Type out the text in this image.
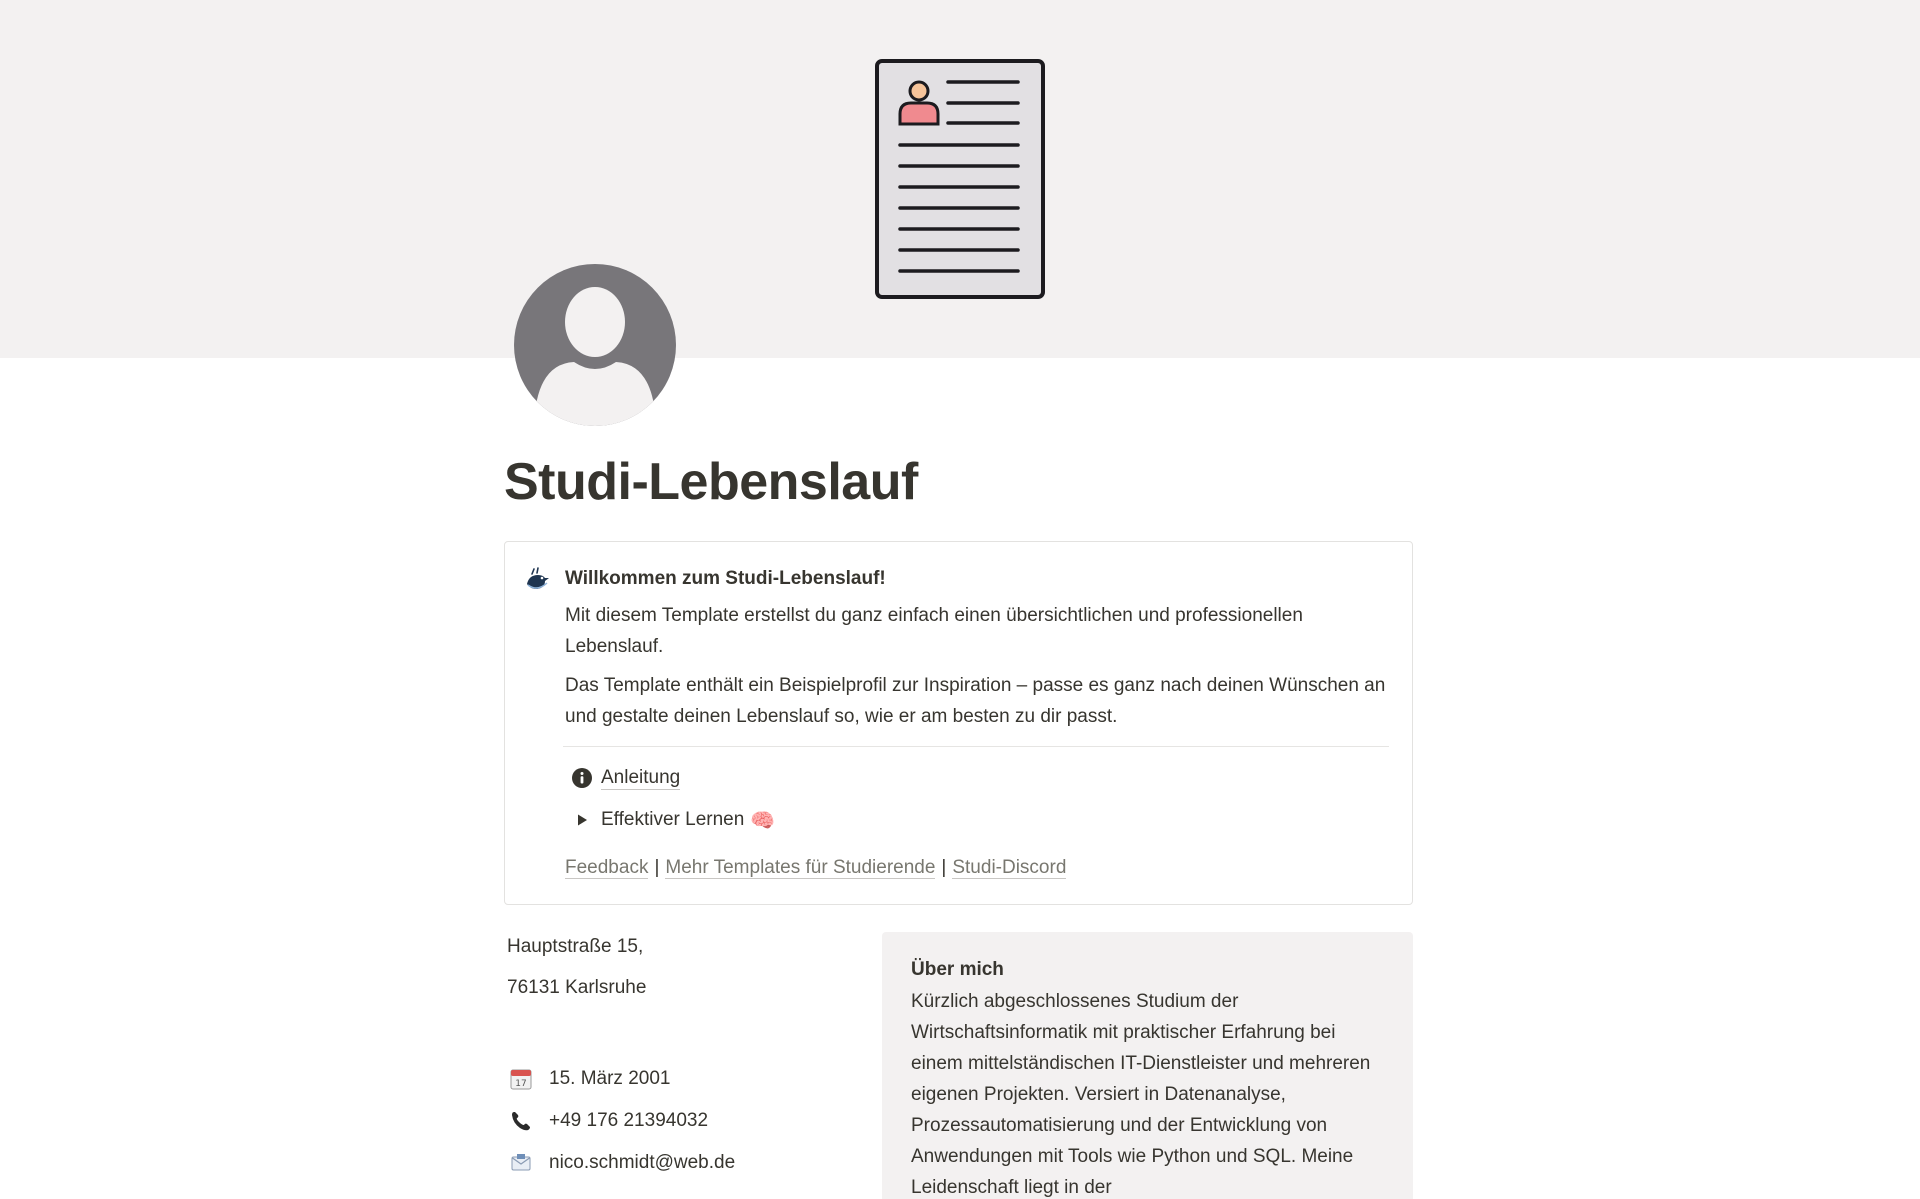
Studi-Lebenslauf
Willkommen zum Studi-Lebenslauf!

Mit diesem Template erstellst du ganz einfach einen übersichtlichen und professionellen Lebenslauf.

Das Template enthält ein Beispielprofil zur Inspiration – passe es ganz nach deinen Wünschen an und gestalte deinen Lebenslauf so, wie er am besten zu dir passt.

Anleitung
Effektiver Lernen 🧠
Feedback | Mehr Templates für Studierende | Studi-Discord
Hauptstraße 15,
76131 Karlsruhe
17 15. März 2001
+49 176 21394032
nico.schmidt@web.de
Über mich

Kürzlich abgeschlossenes Studium der Wirtschaftsinformatik mit praktischer Erfahrung bei einem mittelständischen IT-Dienstleister und mehreren eigenen Projekten. Versiert in Datenanalyse, Prozessautomatisierung und der Entwicklung von Anwendungen mit Tools wie Python und SQL. Meine Leidenschaft liegt in der
